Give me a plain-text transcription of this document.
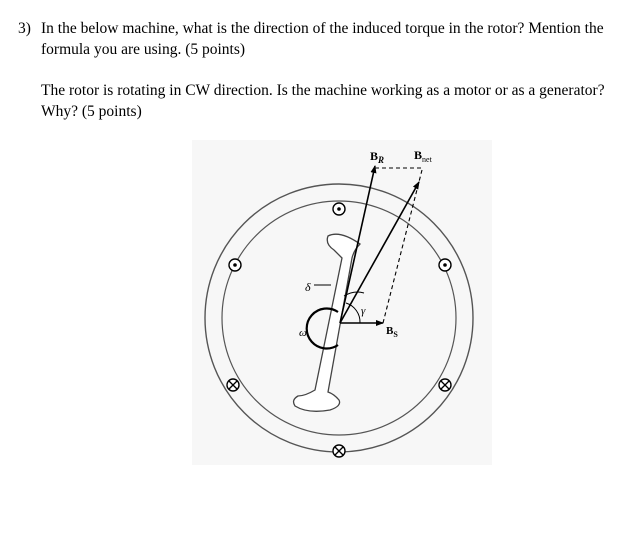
3) In the below machine, what is the direction of the induced torque in the rotor? Mention the
formula you are using. (5 points)

The rotor is rotating in CW direction. Is the machine working as a motor or as a generator?
Why? (5 points)

$B_R$ $B_{net}$
$B_S$
δ
γ
ω
